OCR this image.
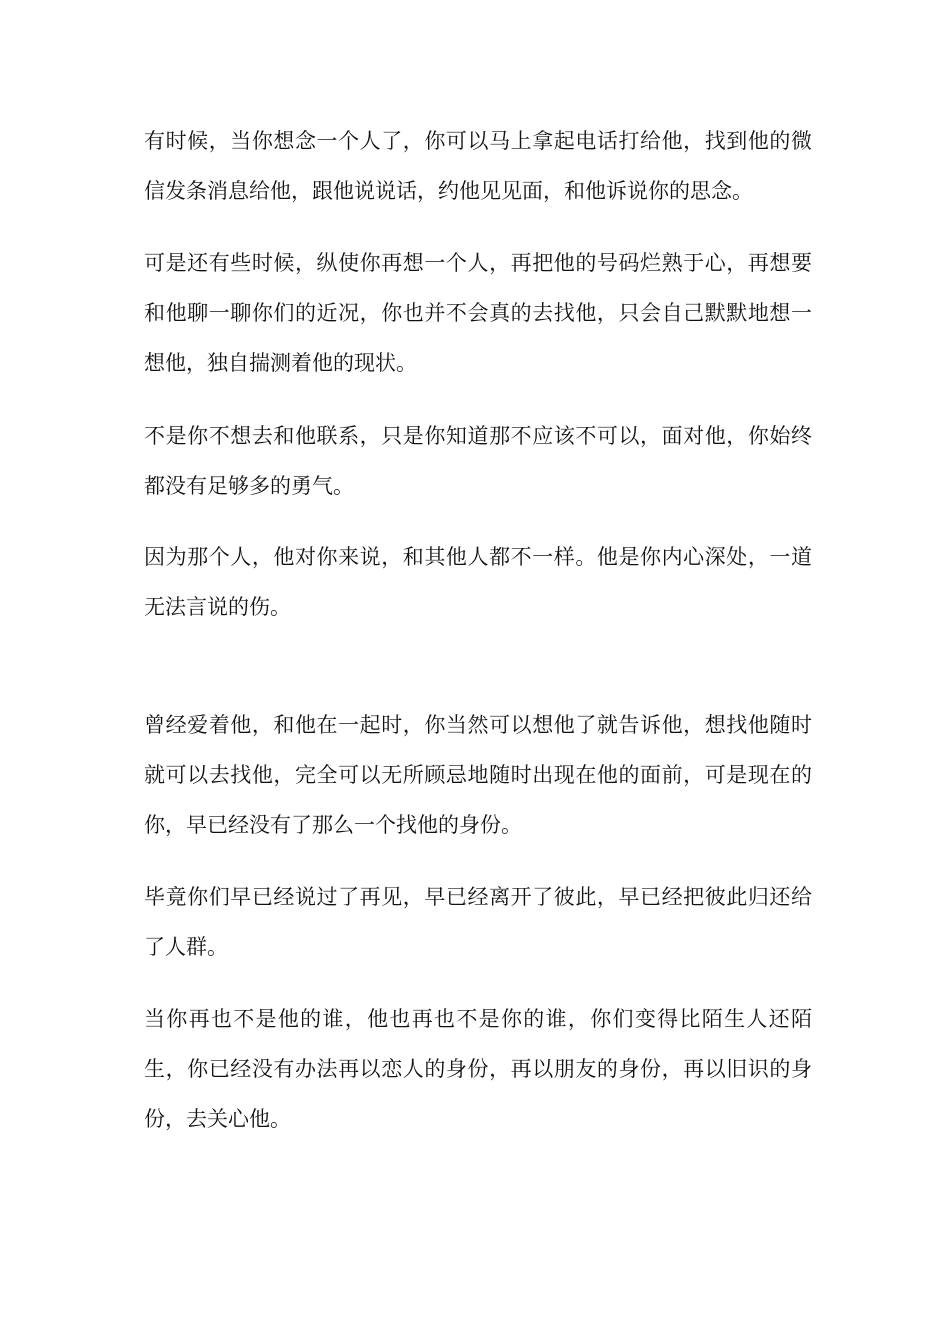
有时候，当你想念一个人了，你可以马上拿起电话打给他，找到他的微信发条消息给他，跟他说说话，约他见见面，和他诉说你的思念。

可是还有些时候，纵使你再想一个人，再把他的号码烂熟于心，再想要和他聊一聊你们的近况，你也并不会真的去找他，只会自己默默地想一想他，独自揣测着他的现状。

不是你不想去和他联系，只是你知道那不应该不可以，面对他，你始终都没有足够多的勇气。

因为那个人，他对你来说，和其他人都不一样。他是你内心深处，一道无法言说的伤。

曾经爱着他，和他在一起时，你当然可以想他了就告诉他，想找他随时就可以去找他，完全可以无所顾忌地随时出现在他的面前，可是现在的你，早已经没有了那么一个找他的身份。

毕竟你们早已经说过了再见，早已经离开了彼此，早已经把彼此归还给了人群。

当你再也不是他的谁，他也再也不是你的谁，你们变得比陌生人还陌生，你已经没有办法再以恋人的身份，再以朋友的身份，再以旧识的身份，去关心他。
